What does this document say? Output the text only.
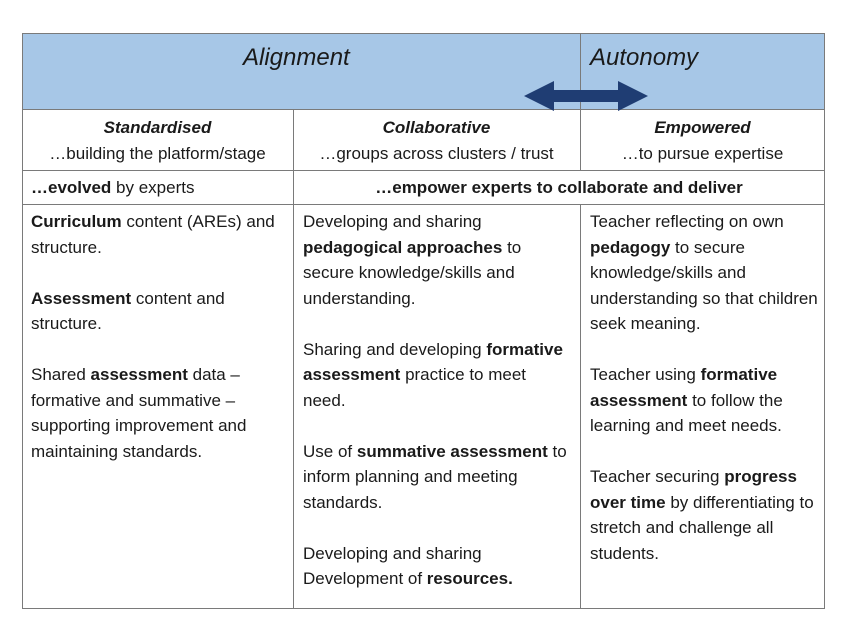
Alignment	Autonomy
Standardised
…building the platform/stage
Collaborative
…groups across clusters / trust
Empowered
…to pursue expertise
…evolved by experts	…empower experts to collaborate and deliver

Curriculum content (AREs) and structure.

Assessment content and structure.

Shared assessment data – formative and summative – supporting improvement and maintaining standards.

Developing and sharing pedagogical approaches to secure knowledge/skills and understanding.

Sharing and developing formative assessment practice to meet need.

Use of summative assessment to inform planning and meeting standards.

Developing and sharing Development of resources.

Teacher reflecting on own pedagogy to secure knowledge/skills and understanding so that children seek meaning.

Teacher using formative assessment to follow the learning and meet needs.

Teacher securing progress over time by differentiating to stretch and challenge all students.
